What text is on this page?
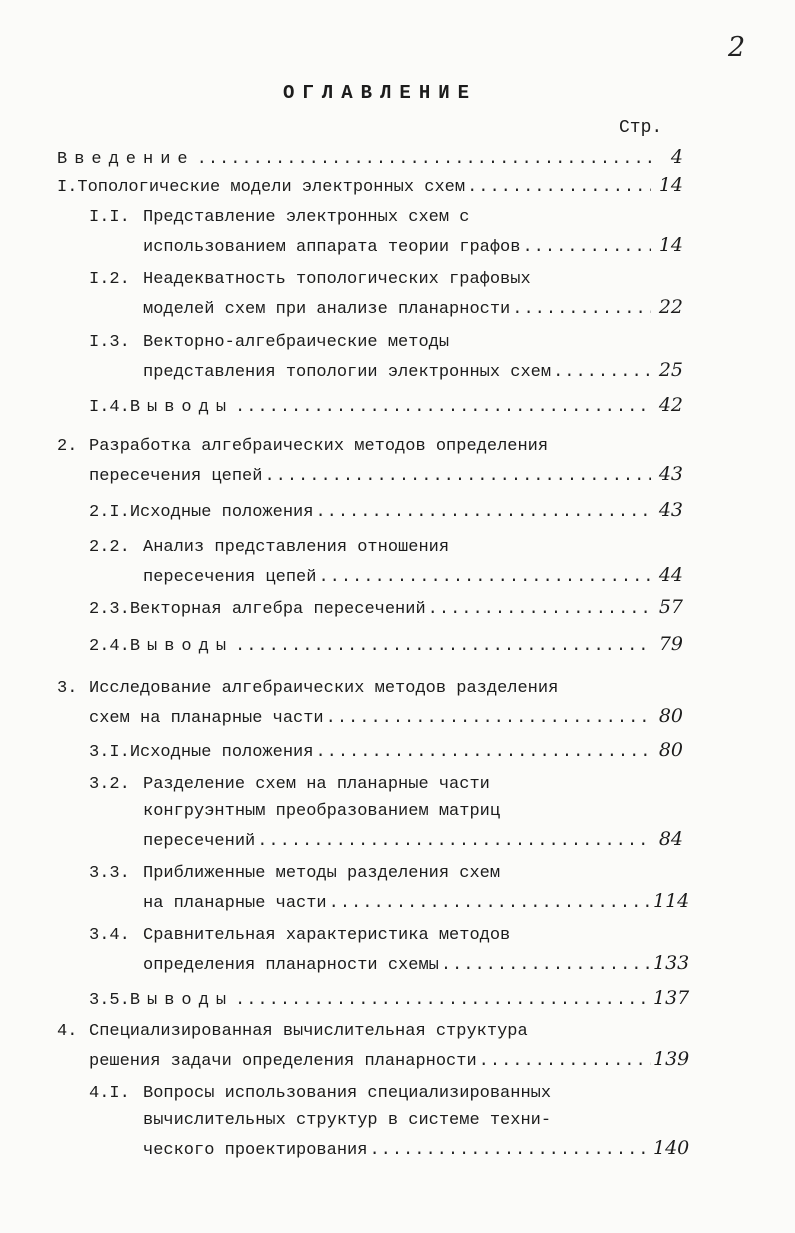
2
ОГЛАВЛЕНИЕ
Стр.
Введение .....	4
I. Топологические модели электронных схем .....	14
I.I. Представление электронных схем с
использованием аппарата теории графов .....	14
I.2. Неадекватность топологических графовых
моделей схем при анализе планарности .....	22
I.3. Векторно-алгебраические методы
представления топологии электронных схем .....	25
I.4. Выводы .....	42
2. Разработка алгебраических методов определения
пересечения цепей .....	43
2.I. Исходные положения .....	43
2.2. Анализ представления отношения
пересечения цепей .....	44
2.3. Векторная алгебра пересечений .....	57
2.4. Выводы .....	79
3. Исследование алгебраических методов разделения
схем на планарные части .....	80
3.I. Исходные положения .....	80
3.2. Разделение схем на планарные части
конгруэнтным преобразованием матриц
пересечений .....	84
3.3. Приближенные методы разделения схем
на планарные части .....	114
3.4. Сравнительная характеристика методов
определения планарности схемы .....	133
3.5. Выводы .....	137
4. Специализированная вычислительная структура
решения задачи определения планарности .....	139
4.I. Вопросы использования специализированных
вычислительных структур в системе техни-
ческого проектирования .....	140
